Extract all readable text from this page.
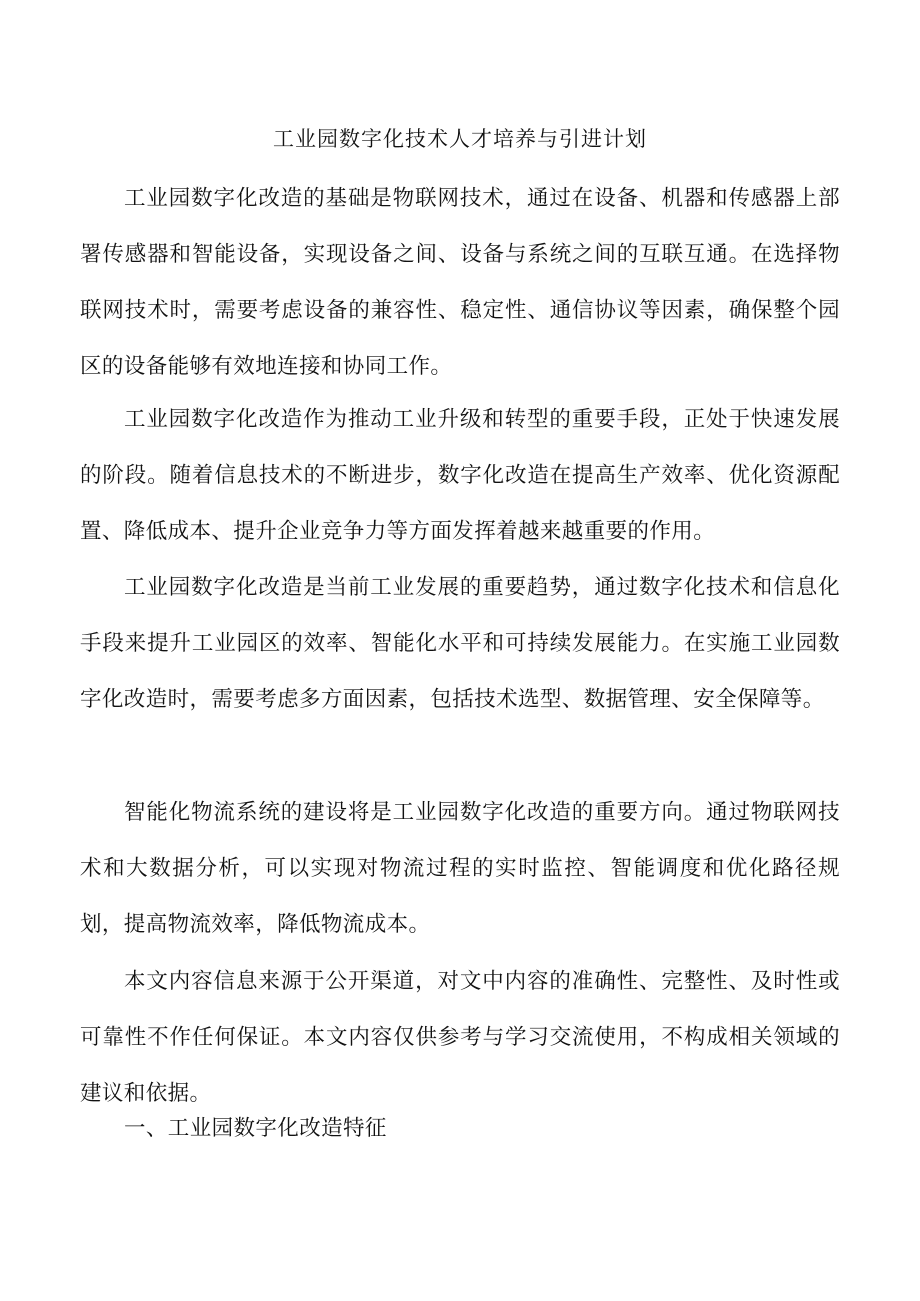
工业园数字化技术人才培养与引进计划

工业园数字化改造的基础是物联网技术，通过在设备、机器和传感器上部署传感器和智能设备，实现设备之间、设备与系统之间的互联互通。在选择物联网技术时，需要考虑设备的兼容性、稳定性、通信协议等因素，确保整个园区的设备能够有效地连接和协同工作。

工业园数字化改造作为推动工业升级和转型的重要手段，正处于快速发展的阶段。随着信息技术的不断进步，数字化改造在提高生产效率、优化资源配置、降低成本、提升企业竞争力等方面发挥着越来越重要的作用。

工业园数字化改造是当前工业发展的重要趋势，通过数字化技术和信息化手段来提升工业园区的效率、智能化水平和可持续发展能力。在实施工业园数字化改造时，需要考虑多方面因素，包括技术选型、数据管理、安全保障等。

智能化物流系统的建设将是工业园数字化改造的重要方向。通过物联网技术和大数据分析，可以实现对物流过程的实时监控、智能调度和优化路径规划，提高物流效率，降低物流成本。

本文内容信息来源于公开渠道，对文中内容的准确性、完整性、及时性或可靠性不作任何保证。本文内容仅供参考与学习交流使用，不构成相关领域的建议和依据。

一、工业园数字化改造特征
